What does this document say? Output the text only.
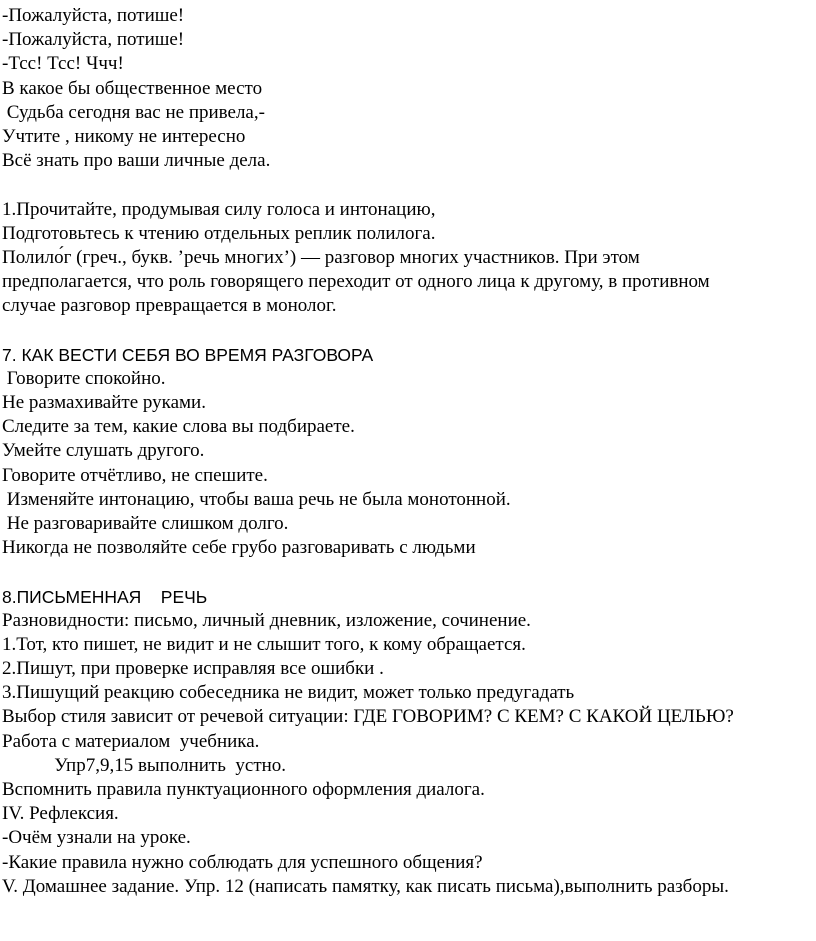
-Пожалуйста, потише!
-Пожалуйста, потише!
-Тсс! Тсс! Ччч!
В какое бы общественное место
Судьба сегодня вас не привела,-
Учтите , никому не интересно
Всё знать про ваши личные дела.
1.Прочитайте, продумывая силу голоса и интонацию,
Подготовьтесь к чтению отдельных реплик полилога.
Полило́г (греч., букв. ’речь многих’) — разговор многих участников. При этом
предполагается, что роль говорящего переходит от одного лица к другому, в противном
случае разговор превращается в монолог.
7. КАК ВЕСТИ СЕБЯ ВО ВРЕМЯ РАЗГОВОРА
Говорите спокойно.
Не размахивайте руками.
Следите за тем, какие слова вы подбираете.
Умейте слушать другого.
Говорите отчётливо, не спешите.
Изменяйте интонацию, чтобы ваша речь не была монотонной.
Не разговаривайте слишком долго.
Никогда не позволяйте себе грубо разговаривать с людьми
8.ПИСЬМЕННАЯ    РЕЧЬ
Разновидности: письмо, личный дневник, изложение, сочинение.
1.Тот, кто пишет, не видит и не слышит того, к кому обращается.
2.Пишут, при проверке исправляя все ошибки .
3.Пишущий реакцию собеседника не видит, может только предугадать
Выбор стиля зависит от речевой ситуации: ГДЕ ГОВОРИМ? С КЕМ? С КАКОЙ ЦЕЛЬЮ?
Работа с материалом  учебника.
Упр7,9,15 выполнить  устно.
Вспомнить правила пунктуационного оформления диалога.
IV. Рефлексия.
-Очём узнали на уроке.
-Какие правила нужно соблюдать для успешного общения?
V. Домашнее задание. Упр. 12 (написать памятку, как писать письма),выполнить разборы.
